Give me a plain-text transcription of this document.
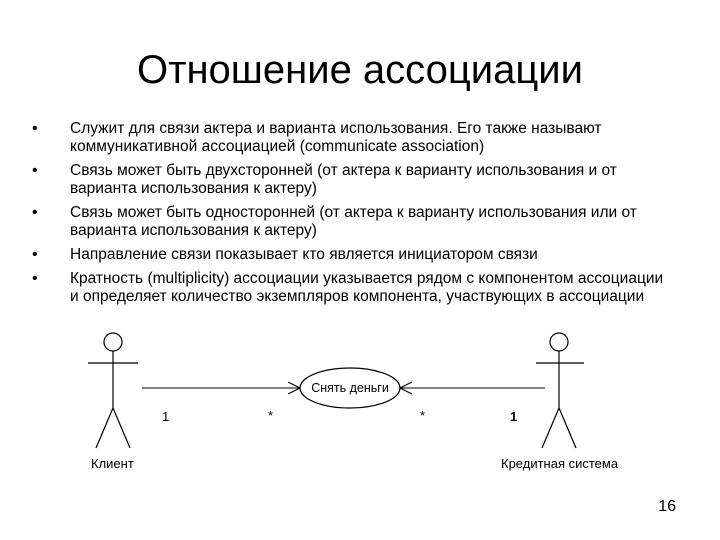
Отношение ассоциации
• Служит для связи актера и варианта использования. Его также называют коммуникативной ассоциацией (communicate association)
• Связь может быть двухсторонней (от актера к варианту использования и от варианта использования к актеру)
• Связь может быть односторонней (от актера к варианту использования или от варианта использования к актеру)
• Направление связи показывает кто является инициатором связи
• Кратность (multiplicity) ассоциации указывается рядом с компонентом ассоциации и определяет количество экземпляров компонента, участвующих в ассоциации
Клиент	Кредитная система
Снять деньги
1	*	*	1
16
